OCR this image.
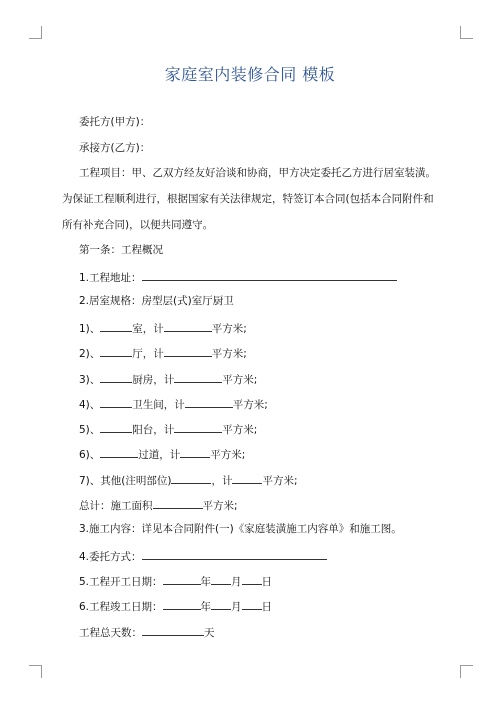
家庭室内装修合同 模板
委托方(甲方)：
承接方(乙方)：
工程项目：甲、乙双方经友好洽谈和协商，甲方决定委托乙方进行居室装潢。为保证工程顺利进行，根据国家有关法律规定，特签订本合同(包括本合同附件和所有补充合同)，以便共同遵守。
第一条：工程概况
1.工程地址：
2.居室规格：房型层(式)室厅厨卫
1)、	室，计	平方米;
2)、	厅，计	平方米;
3)、	厨房，计	平方米;
4)、	卫生间，计	平方米;
5)、	阳台，计	平方米;
6)、	过道，计	平方米;
7)、其他(注明部位)	，计	平方米;
总计：施工面积	平方米;
3.施工内容：详见本合同附件(一)《家庭装潢施工内容单》和施工图。
4.委托方式：
5.工程开工日期：	年 月 日
6.工程竣工日期：	年 月 日
工程总天数：	天
